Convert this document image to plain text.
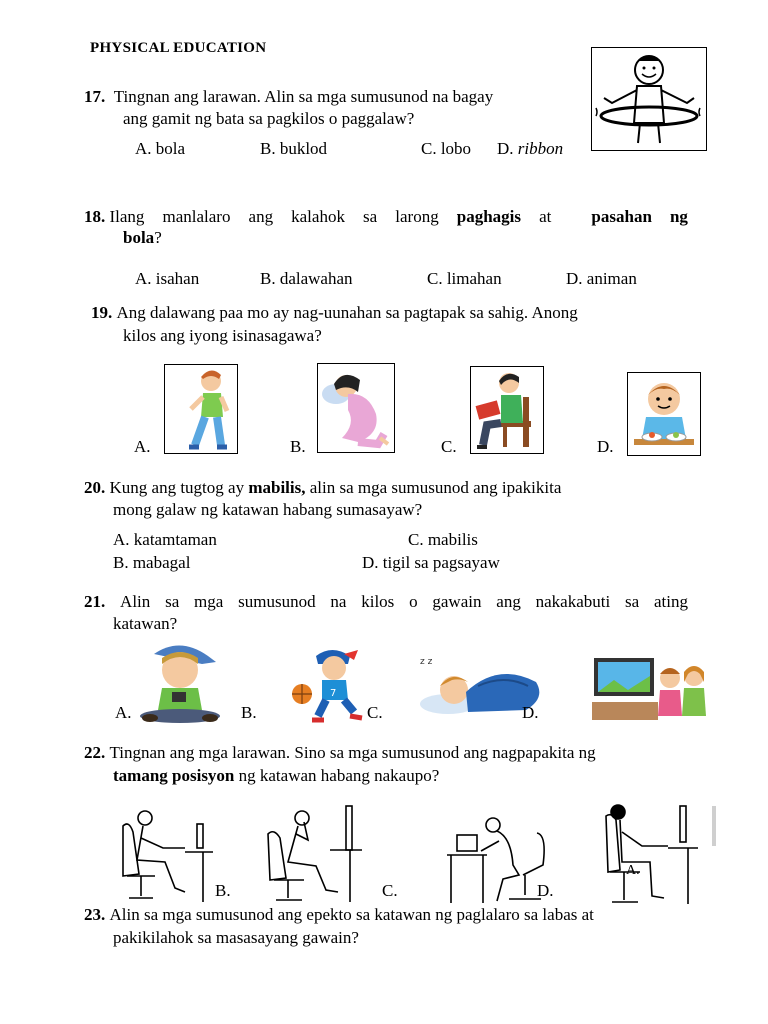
PHYSICAL EDUCATION
17. Tingnan ang larawan. Alin sa mga sumusunod na bagay
ang gamit ng bata sa pagkilos o paggalaw?
A. bola	B. buklod	C. lobo D. ribbon
18. Ilang manlalaro ang kalahok sa larong paghagis at pasahan ng
bola?
A. isahan	B. dalawahan	C. limahan	D. animan
19. Ang dalawang paa mo ay nag-uunahan sa pagtapak sa sahig. Anong
kilos ang iyong isinasagawa?
A.	B.	C.	D.
20. Kung ang tugtog ay mabilis, alin sa mga sumusunod ang ipakikita
mong galaw ng katawan habang sumasayaw?
A. katamtaman
B. mabagal
C. mabilis
D. tigil sa pagsayaw
21. Alin sa mga sumusunod na kilos o gawain ang nakakabuti sa ating
katawan?
7
z z
A.	B.	C.	D.
22. Tingnan ang mga larawan. Sino sa mga sumusunod ang nagpapakita ng
tamang posisyon ng katawan habang nakaupo?
B.	C.	D.
A.
23. Alin sa mga sumusunod ang epekto sa katawan ng paglalaro sa labas at
pakikilahok sa masasayang gawain?
